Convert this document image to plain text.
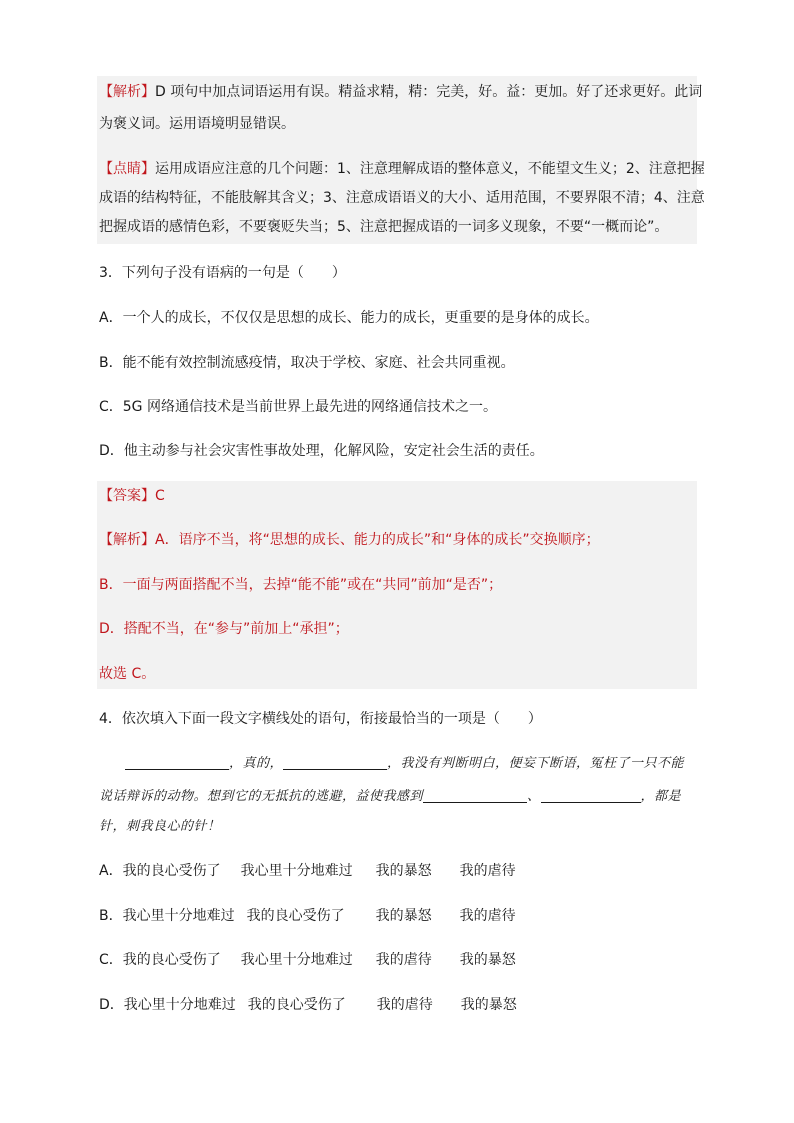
【解析】D 项句中加点词语运用有误。精益求精，精：完美，好。益：更加。好了还求更好。此词
为褒义词。运用语境明显错误。
【点睛】运用成语应注意的几个问题：1、注意理解成语的整体意义，不能望文生义；2、注意把握
成语的结构特征，不能肢解其含义；3、注意成语语义的大小、适用范围，不要界限不清；4、注意
把握成语的感情色彩，不要褒贬失当；5、注意把握成语的一词多义现象，不要“一概而论”。
3．下列句子没有语病的一句是（　　）
A．一个人的成长，不仅仅是思想的成长、能力的成长，更重要的是身体的成长。
B．能不能有效控制流感疫情，取决于学校、家庭、社会共同重视。
C．5G 网络通信技术是当前世界上最先进的网络通信技术之一。
D．他主动参与社会灾害性事故处理，化解风险，安定社会生活的责任。
【答案】C
【解析】A．语序不当，将“思想的成长、能力的成长”和“身体的成长”交换顺序；
B．一面与两面搭配不当，去掉“能不能”或在“共同”前加“是否”；
D．搭配不当，在“参与”前加上“承担”；
故选 C。
4．依次填入下面一段文字横线处的语句，衔接最恰当的一项是（　　）
，真的，	，我没有判断明白，便妄下断语，冤枉了一只不能
说话辩诉的动物。想到它的无抵抗的逃避，益使我感到	、	，都是
针，刺我良心的针！
A．我的良心受伤了 我心里十分地难过 我的暴怒 我的虐待
B．我心里十分地难过 我的良心受伤了 我的暴怒 我的虐待
C．我的良心受伤了 我心里十分地难过 我的虐待 我的暴怒
D．我心里十分地难过 我的良心受伤了 我的虐待 我的暴怒
